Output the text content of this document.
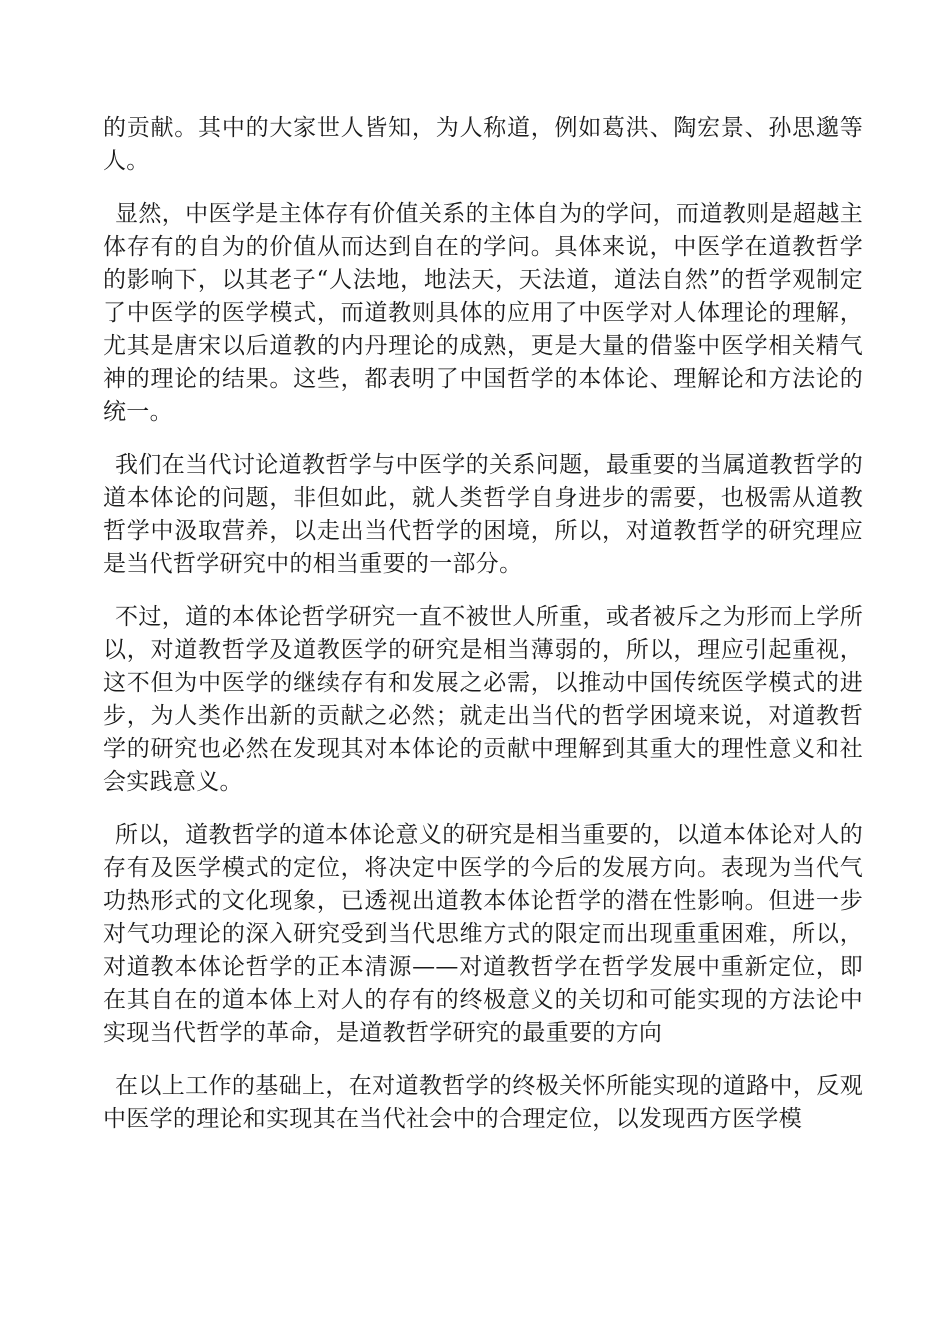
的贡献。其中的大家世人皆知，为人称道，例如葛洪、陶宏景、孙思邈等人。

显然，中医学是主体存有价值关系的主体自为的学问，而道教则是超越主体存有的自为的价值从而达到自在的学问。具体来说，中医学在道教哲学的影响下，以其老子“人法地，地法天，天法道，道法自然”的哲学观制定了中医学的医学模式，而道教则具体的应用了中医学对人体理论的理解，尤其是唐宋以后道教的内丹理论的成熟，更是大量的借鉴中医学相关精气神的理论的结果。这些，都表明了中国哲学的本体论、理解论和方法论的统一。

我们在当代讨论道教哲学与中医学的关系问题，最重要的当属道教哲学的道本体论的问题，非但如此，就人类哲学自身进步的需要，也极需从道教哲学中汲取营养，以走出当代哲学的困境，所以，对道教哲学的研究理应是当代哲学研究中的相当重要的一部分。

不过，道的本体论哲学研究一直不被世人所重，或者被斥之为形而上学所以，对道教哲学及道教医学的研究是相当薄弱的，所以，理应引起重视，这不但为中医学的继续存有和发展之必需，以推动中国传统医学模式的进步，为人类作出新的贡献之必然；就走出当代的哲学困境来说，对道教哲学的研究也必然在发现其对本体论的贡献中理解到其重大的理性意义和社会实践意义。

所以，道教哲学的道本体论意义的研究是相当重要的，以道本体论对人的存有及医学模式的定位，将决定中医学的今后的发展方向。表现为当代气功热形式的文化现象，已透视出道教本体论哲学的潜在性影响。但进一步对气功理论的深入研究受到当代思维方式的限定而出现重重困难，所以，对道教本体论哲学的正本清源——对道教哲学在哲学发展中重新定位，即在其自在的道本体上对人的存有的终极意义的关切和可能实现的方法论中实现当代哲学的革命，是道教哲学研究的最重要的方向

在以上工作的基础上，在对道教哲学的终极关怀所能实现的道路中，反观中医学的理论和实现其在当代社会中的合理定位，以发现西方医学模
